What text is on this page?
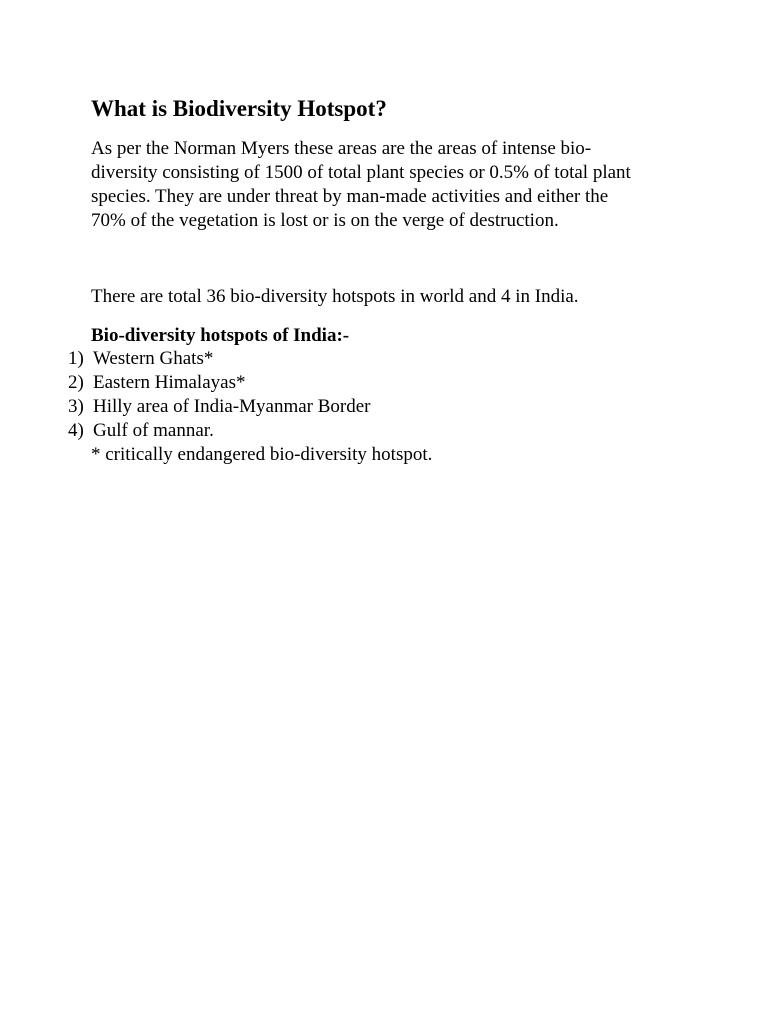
What is Biodiversity Hotspot?

As per the Norman Myers these areas are the areas of intense bio-
diversity consisting of 1500 of total plant species or 0.5% of total plant
species. They are under threat by man-made activities and either the
70% of the vegetation is lost or is on the verge of destruction.

There are total 36 bio-diversity hotspots in world and 4 in India.

Bio-diversity hotspots of India:-

1) Western Ghats*
2) Eastern Himalayas*
3) Hilly area of India-Myanmar Border
4) Gulf of mannar.

* critically endangered bio-diversity hotspot.
